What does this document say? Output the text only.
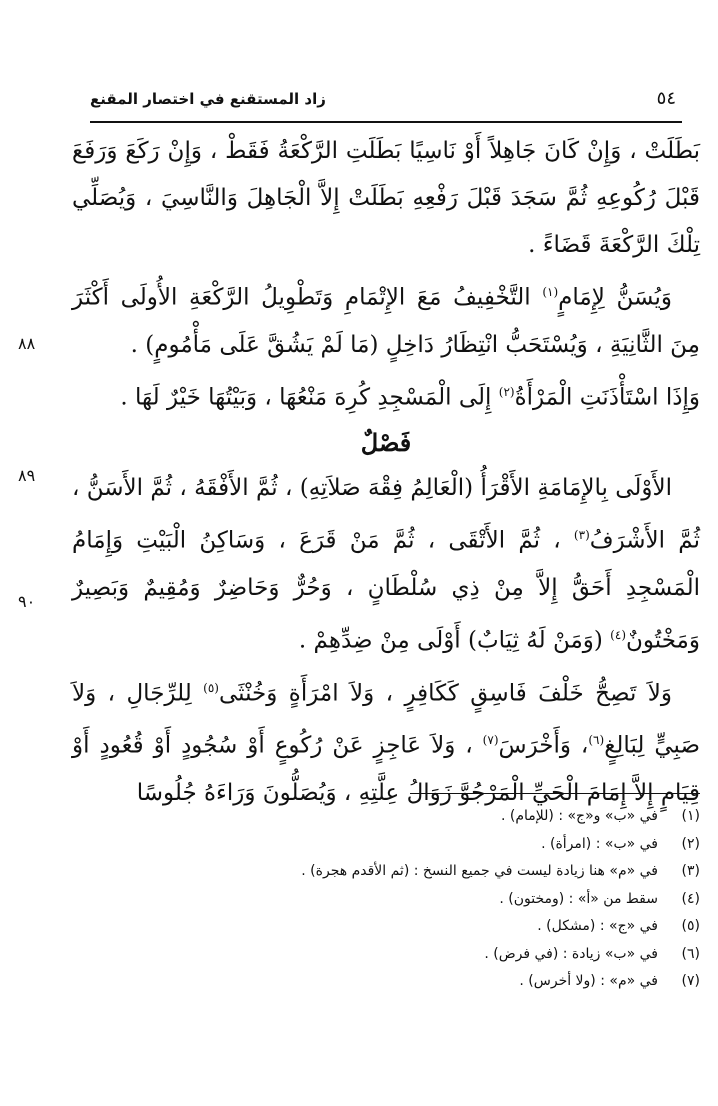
زاد المستقنع في اختصار المقنع	٥٤

بَطَلَتْ ، وَإِنْ كَانَ جَاهِلاً أَوْ نَاسِيًا بَطَلَتِ الرَّكْعَةُ فَقَطْ ، وَإِنْ رَكَعَ وَرَفَعَ قَبْلَ رُكُوعِهِ ثُمَّ سَجَدَ قَبْلَ رَفْعِهِ بَطَلَتْ إِلاَّ الْجَاهِلَ وَالنَّاسِيَ ، وَيُصَلِّي تِلْكَ الرَّكْعَةَ قَضَاءً .

وَيُسَنُّ لِإِمَامٍ$^{(١)}$ التَّخْفِيفُ مَعَ الإِتْمَامِ وَتَطْوِيلُ الرَّكْعَةِ الأُولَى أَكْثَرَ مِنَ الثَّانِيَةِ ، وَيُسْتَحَبُّ انْتِظَارُ دَاخِلٍ (مَا لَمْ يَشُقَّ عَلَى مَأْمُومٍ) .

وَإِذَا اسْتَأْذَنَتِ الْمَرْأَةُ$^{(٢)}$ إِلَى الْمَسْجِدِ كُرِهَ مَنْعُهَا ، وَبَيْتُهَا خَيْرٌ لَهَا .

فَصْلٌ

الأَوْلَى بِالإِمَامَةِ الأَقْرَأُ (الْعَالِمُ فِقْهَ صَلاَتِهِ) ، ثُمَّ الأَفْقَهُ ، ثُمَّ الأَسَنُّ ، ثُمَّ الأَشْرَفُ$^{(٣)}$ ، ثُمَّ الأَتْقَى ، ثُمَّ مَنْ قَرَعَ ، وَسَاكِنُ الْبَيْتِ وَإِمَامُ الْمَسْجِدِ أَحَقُّ إِلاَّ مِنْ ذِي سُلْطَانٍ ، وَحُرٌّ وَحَاضِرٌ وَمُقِيمٌ وَبَصِيرٌ وَمَخْتُونٌ$^{(٤)}$ (وَمَنْ لَهُ ثِيَابٌ) أَوْلَى مِنْ ضِدِّهِمْ .

وَلاَ تَصِحُّ خَلْفَ فَاسِقٍ كَكَافِرٍ ، وَلاَ امْرَأَةٍ وَخُنْثَى$^{(٥)}$ لِلرِّجَالِ ، وَلاَ صَبِيٍّ لِبَالِغٍ$^{(٦)}$، وَأَخْرَسَ$^{(٧)}$ ، وَلاَ عَاجِزٍ عَنْ رُكُوعٍ أَوْ سُجُودٍ أَوْ قُعُودٍ أَوْ قِيَامٍ إِلاَّ إِمَامَ الْحَيِّ الْمَرْجُوَّ زَوَالُ عِلَّتِهِ ، وَيُصَلُّونَ وَرَاءَهُ جُلُوسًا

٨٨
٨٩
٩٠
(١)
في «ب» و«ج» : (للإمام) .
(٢)
في «ب» : (امرأة) .
(٣)
في «م» هنا زيادة ليست في جميع النسخ : (ثم الأقدم هجرة) .
(٤)
سقط من «أ» : (ومختون) .
(٥)
في «ج» : (مشكل) .
(٦)
في «ب» زيادة : (في فرض) .
(٧)
في «م» : (ولا أخرس) .
